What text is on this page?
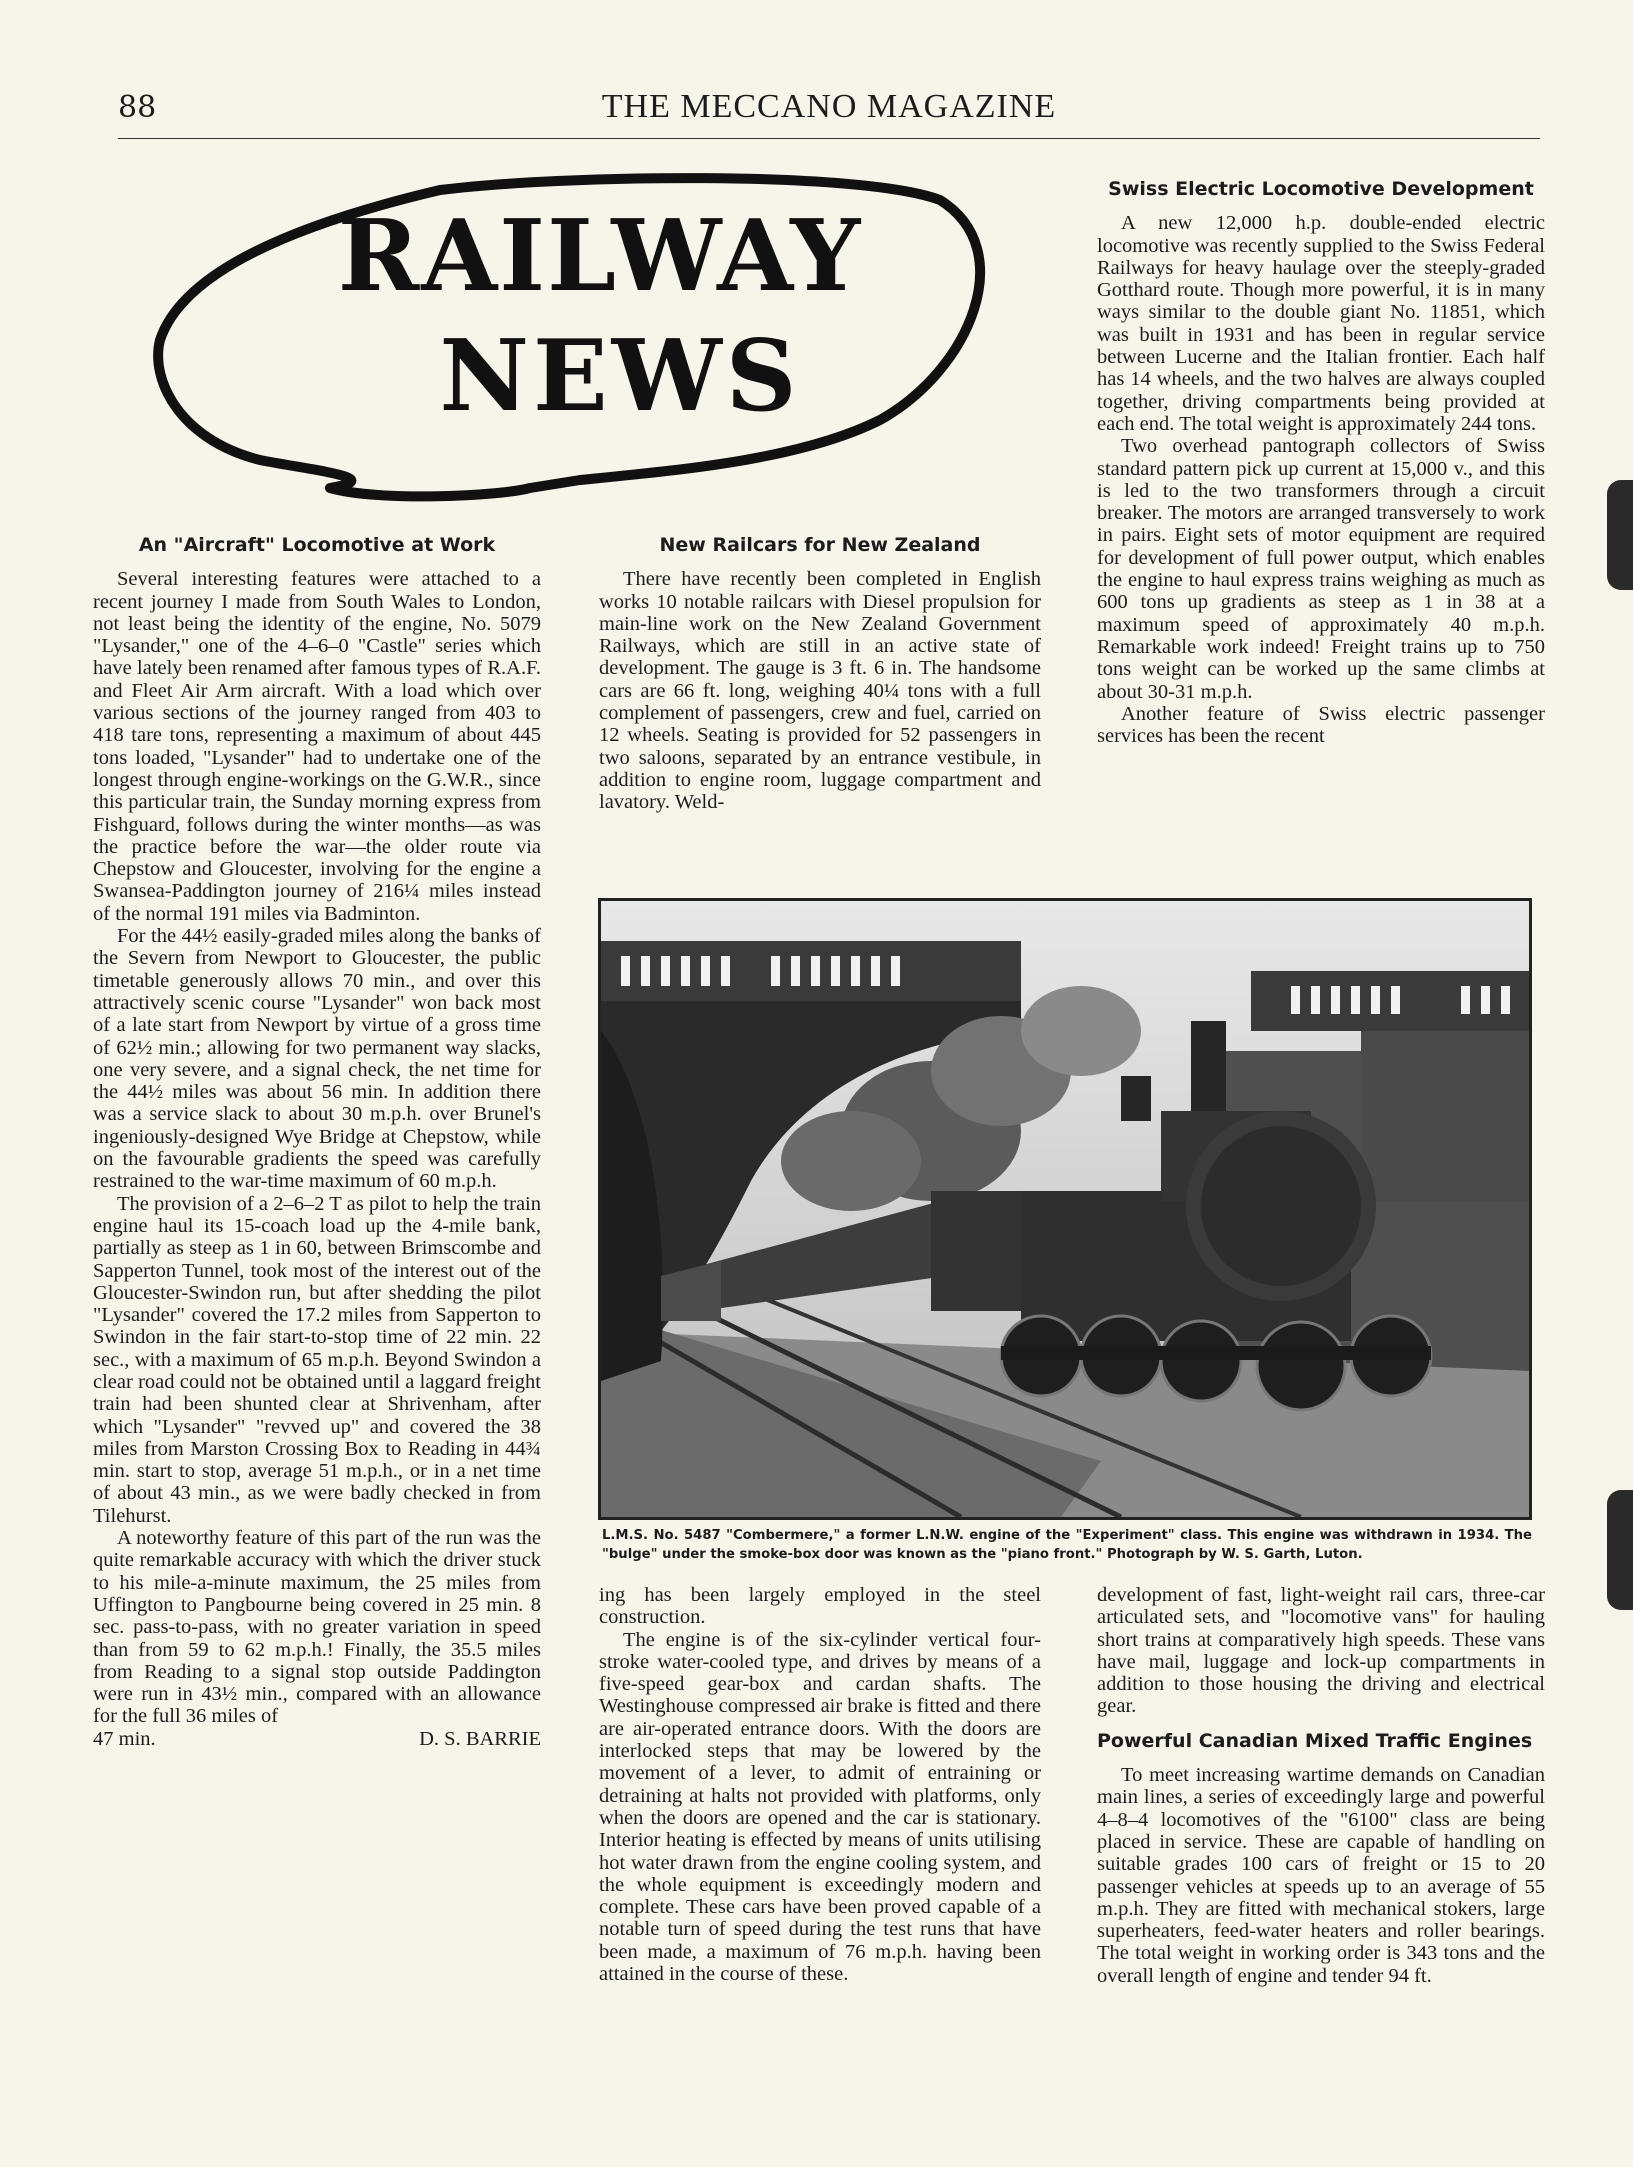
88	THE MECCANO MAGAZINE
RAILWAY
NEWS
An "Aircraft" Locomotive at Work

Several interesting features were attached to a recent journey I made from South Wales to London, not least being the identity of the engine, No. 5079 "Lysander," one of the 4–6–0 "Castle" series which have lately been renamed after famous types of R.A.F. and Fleet Air Arm aircraft. With a load which over various sections of the journey ranged from 403 to 418 tare tons, representing a maximum of about 445 tons loaded, "Lysander" had to undertake one of the longest through engine-workings on the G.W.R., since this particular train, the Sunday morning express from Fishguard, follows during the winter months—as was the practice before the war—the older route via Chepstow and Gloucester, involving for the engine a Swansea-Paddington journey of 216¼ miles instead of the normal 191 miles via Badminton.

For the 44½ easily-graded miles along the banks of the Severn from Newport to Gloucester, the public timetable generously allows 70 min., and over this attractively scenic course "Lysander" won back most of a late start from Newport by virtue of a gross time of 62½ min.; allowing for two permanent way slacks, one very severe, and a signal check, the net time for the 44½ miles was about 56 min. In addition there was a service slack to about 30 m.p.h. over Brunel's ingeniously-designed Wye Bridge at Chepstow, while on the favourable gradients the speed was carefully restrained to the war-time maximum of 60 m.p.h.

The provision of a 2–6–2 T as pilot to help the train engine haul its 15-coach load up the 4-mile bank, partially as steep as 1 in 60, between Brimscombe and Sapperton Tunnel, took most of the interest out of the Gloucester-Swindon run, but after shedding the pilot "Lysander" covered the 17.2 miles from Sapperton to Swindon in the fair start-to-stop time of 22 min. 22 sec., with a maximum of 65 m.p.h. Beyond Swindon a clear road could not be obtained until a laggard freight train had been shunted clear at Shrivenham, after which "Lysander" "revved up" and covered the 38 miles from Marston Crossing Box to Reading in 44¾ min. start to stop, average 51 m.p.h., or in a net time of about 43 min., as we were badly checked in from Tilehurst.

A noteworthy feature of this part of the run was the quite remarkable accuracy with which the driver stuck to his mile-a-minute maximum, the 25 miles from Uffington to Pangbourne being covered in 25 min. 8 sec. pass-to-pass, with no greater variation in speed than from 59 to 62 m.p.h.! Finally, the 35.5 miles from Reading to a signal stop outside Paddington were run in 43½ min., compared with an allowance for the full 36 miles of

47 min.	D. S. BARRIE
New Railcars for New Zealand

There have recently been completed in English works 10 notable railcars with Diesel propulsion for main-line work on the New Zealand Government Railways, which are still in an active state of development. The gauge is 3 ft. 6 in. The handsome cars are 66 ft. long, weighing 40¼ tons with a full complement of passengers, crew and fuel, carried on 12 wheels. Seating is provided for 52 passengers in two saloons, separated by an entrance vestibule, in addition to engine room, luggage compartment and lavatory. Weld-

Swiss Electric Locomotive Development

A new 12,000 h.p. double-ended electric locomotive was recently supplied to the Swiss Federal Railways for heavy haulage over the steeply-graded Gotthard route. Though more powerful, it is in many ways similar to the double giant No. 11851, which was built in 1931 and has been in regular service between Lucerne and the Italian frontier. Each half has 14 wheels, and the two halves are always coupled together, driving compartments being provided at each end. The total weight is approximately 244 tons.

Two overhead pantograph collectors of Swiss standard pattern pick up current at 15,000 v., and this is led to the two transformers through a circuit breaker. The motors are arranged transversely to work in pairs. Eight sets of motor equipment are required for development of full power output, which enables the engine to haul express trains weighing as much as 600 tons up gradients as steep as 1 in 38 at a maximum speed of approximately 40 m.p.h. Remarkable work indeed! Freight trains up to 750 tons weight can be worked up the same climbs at about 30-31 m.p.h.

Another feature of Swiss electric passenger services has been the recent

L.M.S. No. 5487 "Combermere," a former L.N.W. engine of the "Experiment" class. This engine was withdrawn in 1934. The "bulge" under the smoke-box door was known as the "piano front." Photograph by W. S. Garth, Luton.

ing has been largely employed in the steel construction.

The engine is of the six-cylinder vertical four-stroke water-cooled type, and drives by means of a five-speed gear-box and cardan shafts. The Westinghouse compressed air brake is fitted and there are air-operated entrance doors. With the doors are interlocked steps that may be lowered by the movement of a lever, to admit of entraining or detraining at halts not provided with platforms, only when the doors are opened and the car is stationary. Interior heating is effected by means of units utilising hot water drawn from the engine cooling system, and the whole equipment is exceedingly modern and complete. These cars have been proved capable of a notable turn of speed during the test runs that have been made, a maximum of 76 m.p.h. having been attained in the course of these.

development of fast, light-weight rail cars, three-car articulated sets, and "locomotive vans" for hauling short trains at comparatively high speeds. These vans have mail, luggage and lock-up compartments in addition to those housing the driving and electrical gear.

Powerful Canadian Mixed Traffic Engines

To meet increasing wartime demands on Canadian main lines, a series of exceedingly large and powerful 4–8–4 locomotives of the "6100" class are being placed in service. These are capable of handling on suitable grades 100 cars of freight or 15 to 20 passenger vehicles at speeds up to an average of 55 m.p.h. They are fitted with mechanical stokers, large superheaters, feed-water heaters and roller bearings. The total weight in working order is 343 tons and the overall length of engine and tender 94 ft.
